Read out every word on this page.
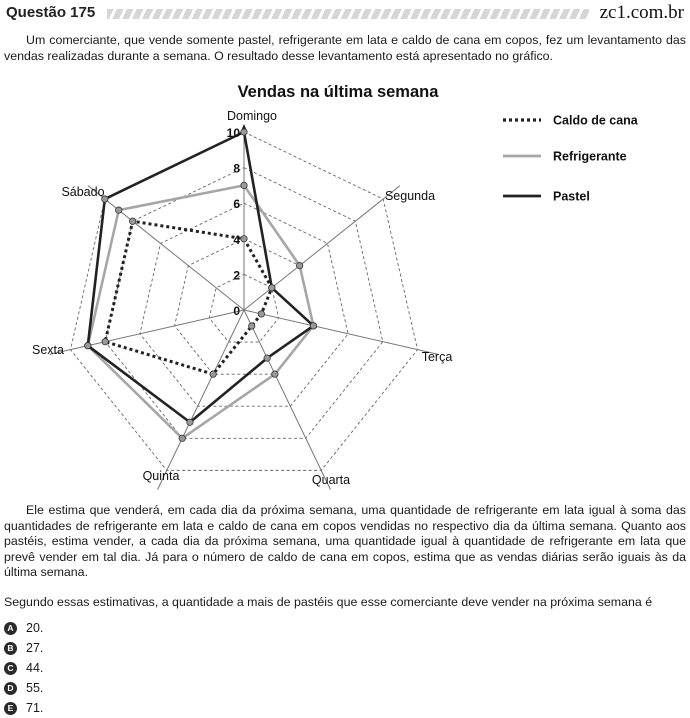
Questão 175	zc1.com.br

Um comerciante, que vende somente pastel, refrigerante em lata e caldo de cana em copos, fez um levantamento das vendas realizadas durante a semana. O resultado desse levantamento está apresentado no gráfico.

Vendas na última semana
0
2
4
6
8
10
Domingo
Segunda
Terça
Quarta
Quinta
Sexta
Sábado
Caldo de cana
Refrigerante
Pastel

Ele estima que venderá, em cada dia da próxima semana, uma quantidade de refrigerante em lata igual à soma das quantidades de refrigerante em lata e caldo de cana em copos vendidas no respectivo dia da última semana. Quanto aos pastéis, estima vender, a cada dia da próxima semana, uma quantidade igual à quantidade de refrigerante em lata que prevê vender em tal dia. Já para o número de caldo de cana em copos, estima que as vendas diárias serão iguais às da última semana.

Segundo essas estimativas, a quantidade a mais de pastéis que esse comerciante deve vender na próxima semana é

A 20.
B 27.
C 44.
D 55.
E 71.
